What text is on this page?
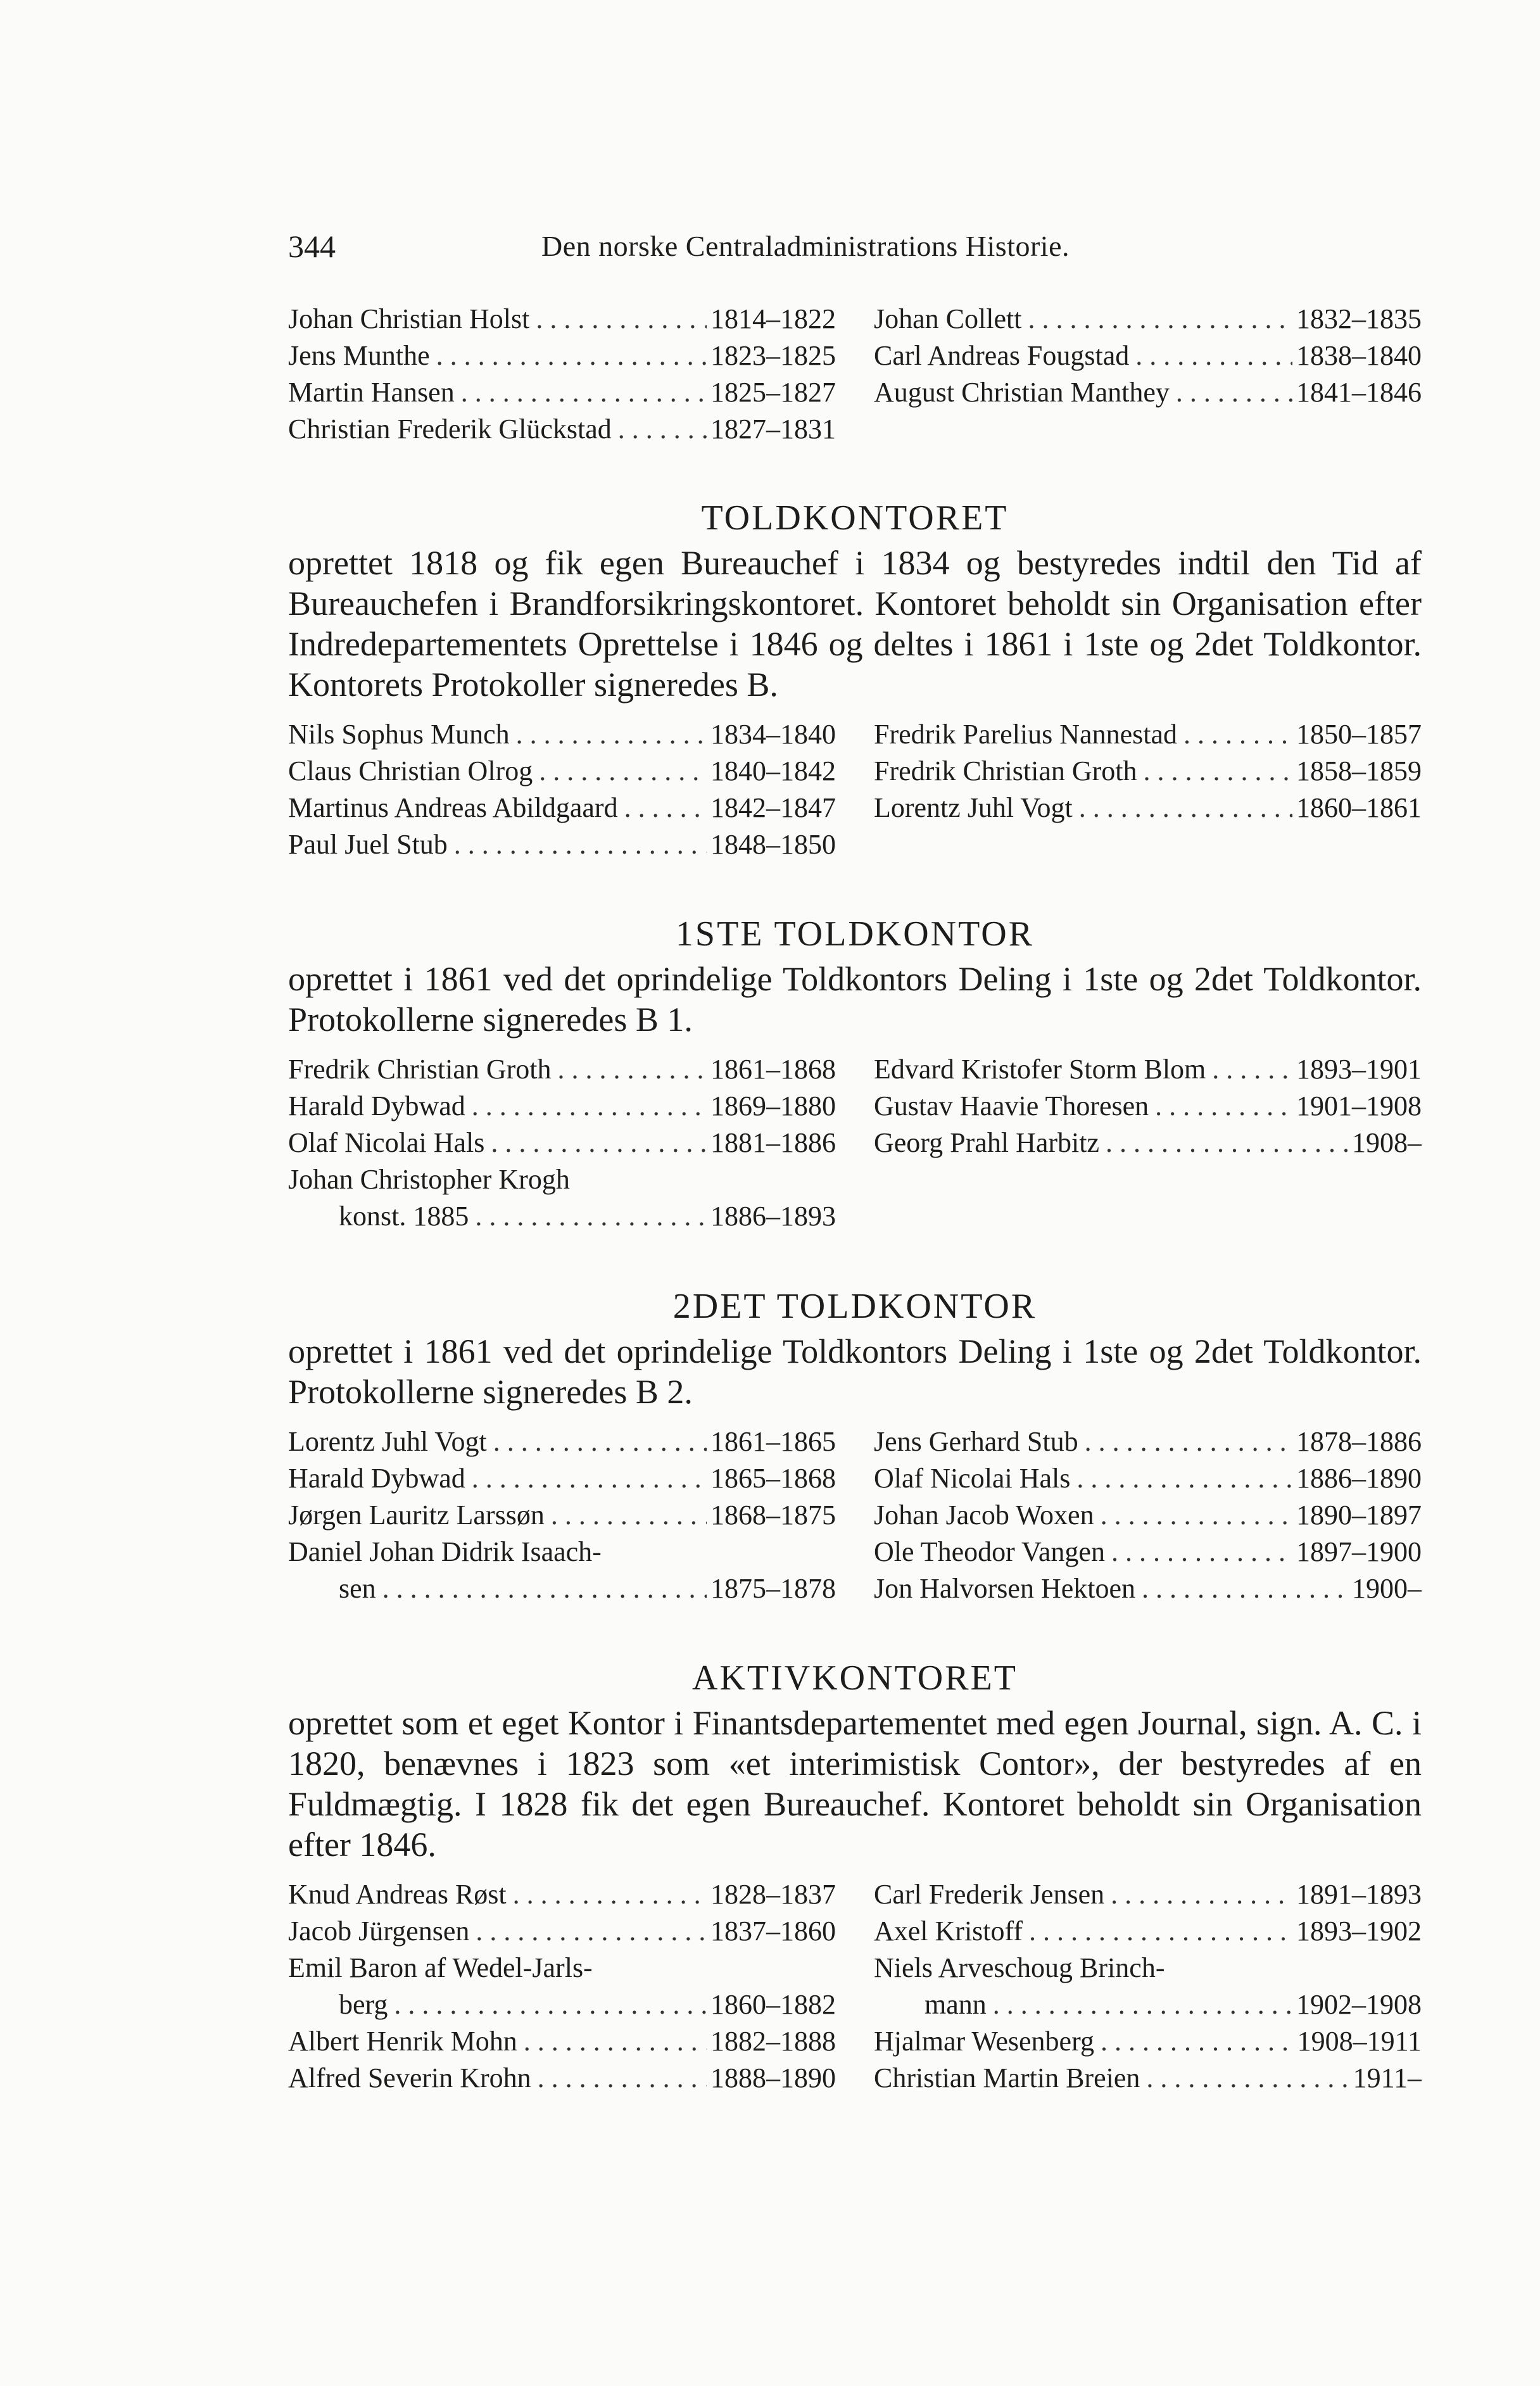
344	Den norske Centraladministrations Historie.
Johan Christian Holst . . .	1814–1822
Jens Munthe . . .	1823–1825
Martin Hansen . . .	1825–1827
Christian Frederik Glückstad . . .	1827–1831
Johan Collett . . .	1832–1835
Carl Andreas Fougstad . . .	1838–1840
August Christian Manthey . . .	1841–1846
TOLDKONTORET
oprettet 1818 og fik egen Bureauchef i 1834 og bestyredes indtil den Tid af Bureauchefen i Brandforsikringskontoret. Kontoret beholdt sin Organisation efter Indredepartementets Oprettelse i 1846 og deltes i 1861 i 1ste og 2det Toldkontor. Kontorets Protokoller signeredes B.
Nils Sophus Munch . . .	1834–1840
Claus Christian Olrog . . .	1840–1842
Martinus Andreas Abildgaard . . .	1842–1847
Paul Juel Stub . . .	1848–1850
Fredrik Parelius Nannestad . . .	1850–1857
Fredrik Christian Groth . . .	1858–1859
Lorentz Juhl Vogt . . .	1860–1861
1STE TOLDKONTOR
oprettet i 1861 ved det oprindelige Toldkontors Deling i 1ste og 2det Toldkontor. Protokollerne signeredes B 1.
Fredrik Christian Groth . . .	1861–1868
Harald Dybwad . . .	1869–1880
Olaf Nicolai Hals . . .	1881–1886
Johan Christopher Krogh
konst. 1885 . . .	1886–1893
Edvard Kristofer Storm Blom . . .	1893–1901
Gustav Haavie Thoresen . . .	1901–1908
Georg Prahl Harbitz . . .	1908–
2DET TOLDKONTOR
oprettet i 1861 ved det oprindelige Toldkontors Deling i 1ste og 2det Toldkontor. Protokollerne signeredes B 2.
Lorentz Juhl Vogt . . .	1861–1865
Harald Dybwad . . .	1865–1868
Jørgen Lauritz Larssøn . . .	1868–1875
Daniel Johan Didrik Isaach-
sen . . .	1875–1878
Jens Gerhard Stub . . .	1878–1886
Olaf Nicolai Hals . . .	1886–1890
Johan Jacob Woxen . . .	1890–1897
Ole Theodor Vangen . . .	1897–1900
Jon Halvorsen Hektoen . . .	1900–
AKTIVKONTORET
oprettet som et eget Kontor i Finantsdepartementet med egen Journal, sign. A. C. i 1820, benævnes i 1823 som «et interimistisk Contor», der bestyredes af en Fuldmægtig. I 1828 fik det egen Bureauchef. Kontoret beholdt sin Organisation efter 1846.
Knud Andreas Røst . . .	1828–1837
Jacob Jürgensen . . .	1837–1860
Emil Baron af Wedel-Jarls-
berg . . .	1860–1882
Albert Henrik Mohn . . .	1882–1888
Alfred Severin Krohn . . .	1888–1890
Carl Frederik Jensen . . .	1891–1893
Axel Kristoff . . .	1893–1902
Niels Arveschoug Brinch-
mann . . .	1902–1908
Hjalmar Wesenberg . . .	1908–1911
Christian Martin Breien . . .	1911–
